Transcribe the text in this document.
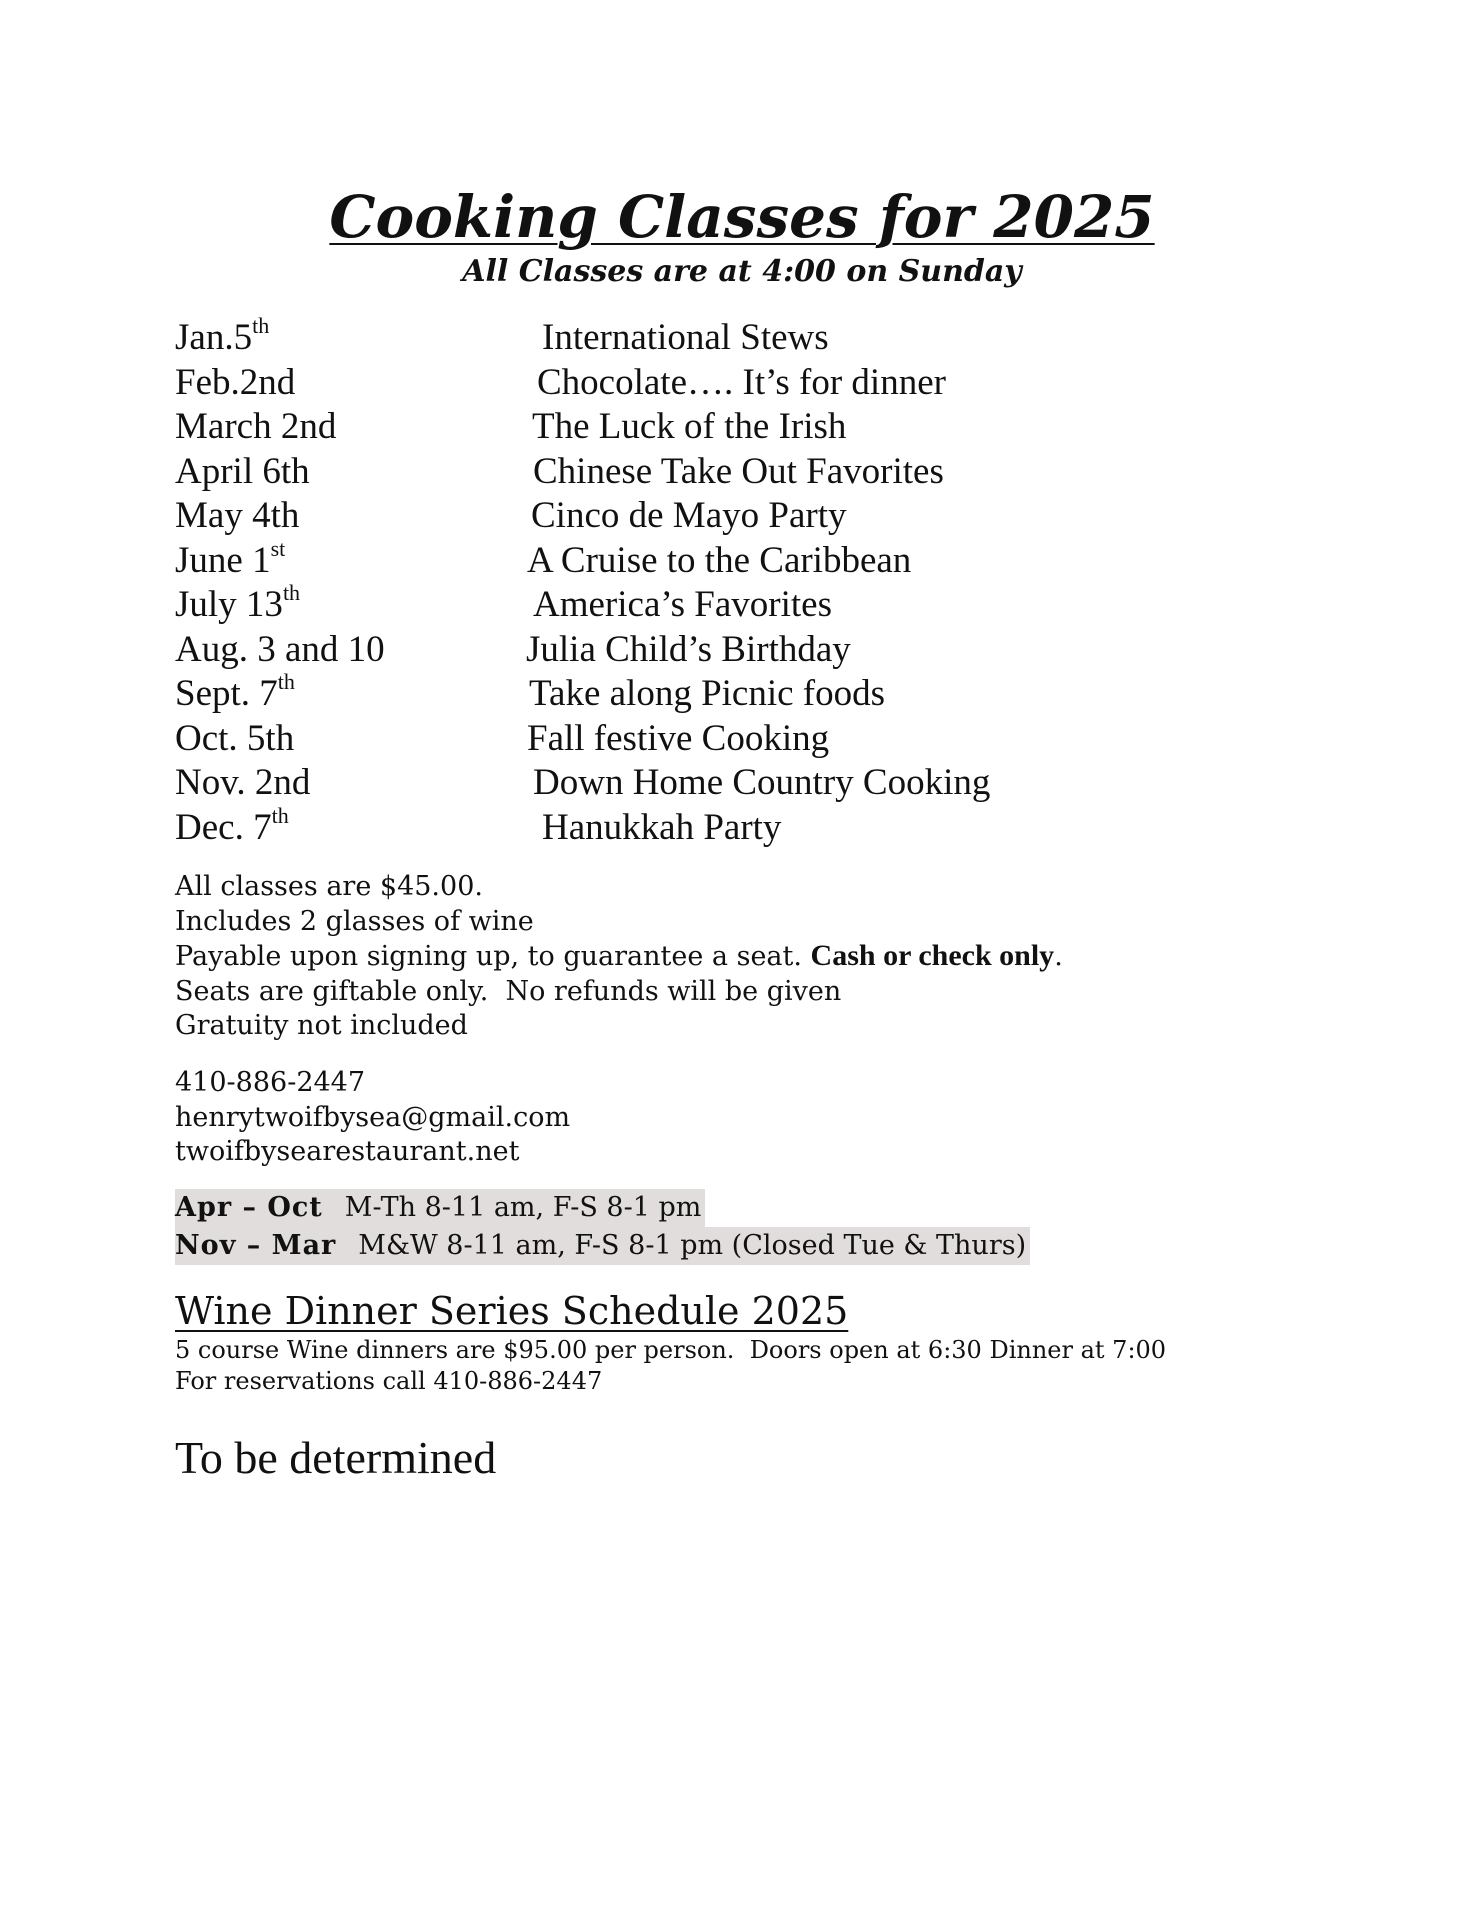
Cooking Classes for 2025
All Classes are at 4:00 on Sunday
Jan.5th	International Stews
Feb.2nd	Chocolate…. It’s for dinner
March 2nd	The Luck of the Irish
April 6th	Chinese Take Out Favorites
May 4th	Cinco de Mayo Party
June 1st	A Cruise to the Caribbean
July 13th	America’s Favorites
Aug. 3 and 10	Julia Child’s Birthday
Sept. 7th	Take along Picnic foods
Oct. 5th	Fall festive Cooking
Nov. 2nd	Down Home Country Cooking
Dec. 7th	Hanukkah Party
All classes are $45.00.
Includes 2 glasses of wine
Payable upon signing up, to guarantee a seat. Cash or check only.
Seats are giftable only.  No refunds will be given
Gratuity not included
410-886-2447
henrytwoifbysea@gmail.com
twoifbysearestaurant.net
Apr – Oct M-Th 8-11 am, F-S 8-1 pm
Nov – Mar M&W 8-11 am, F-S 8-1 pm (Closed Tue & Thurs)
Wine Dinner Series Schedule 2025
5 course Wine dinners are $95.00 per person.  Doors open at 6:30 Dinner at 7:00
For reservations call 410-886-2447
To be determined
